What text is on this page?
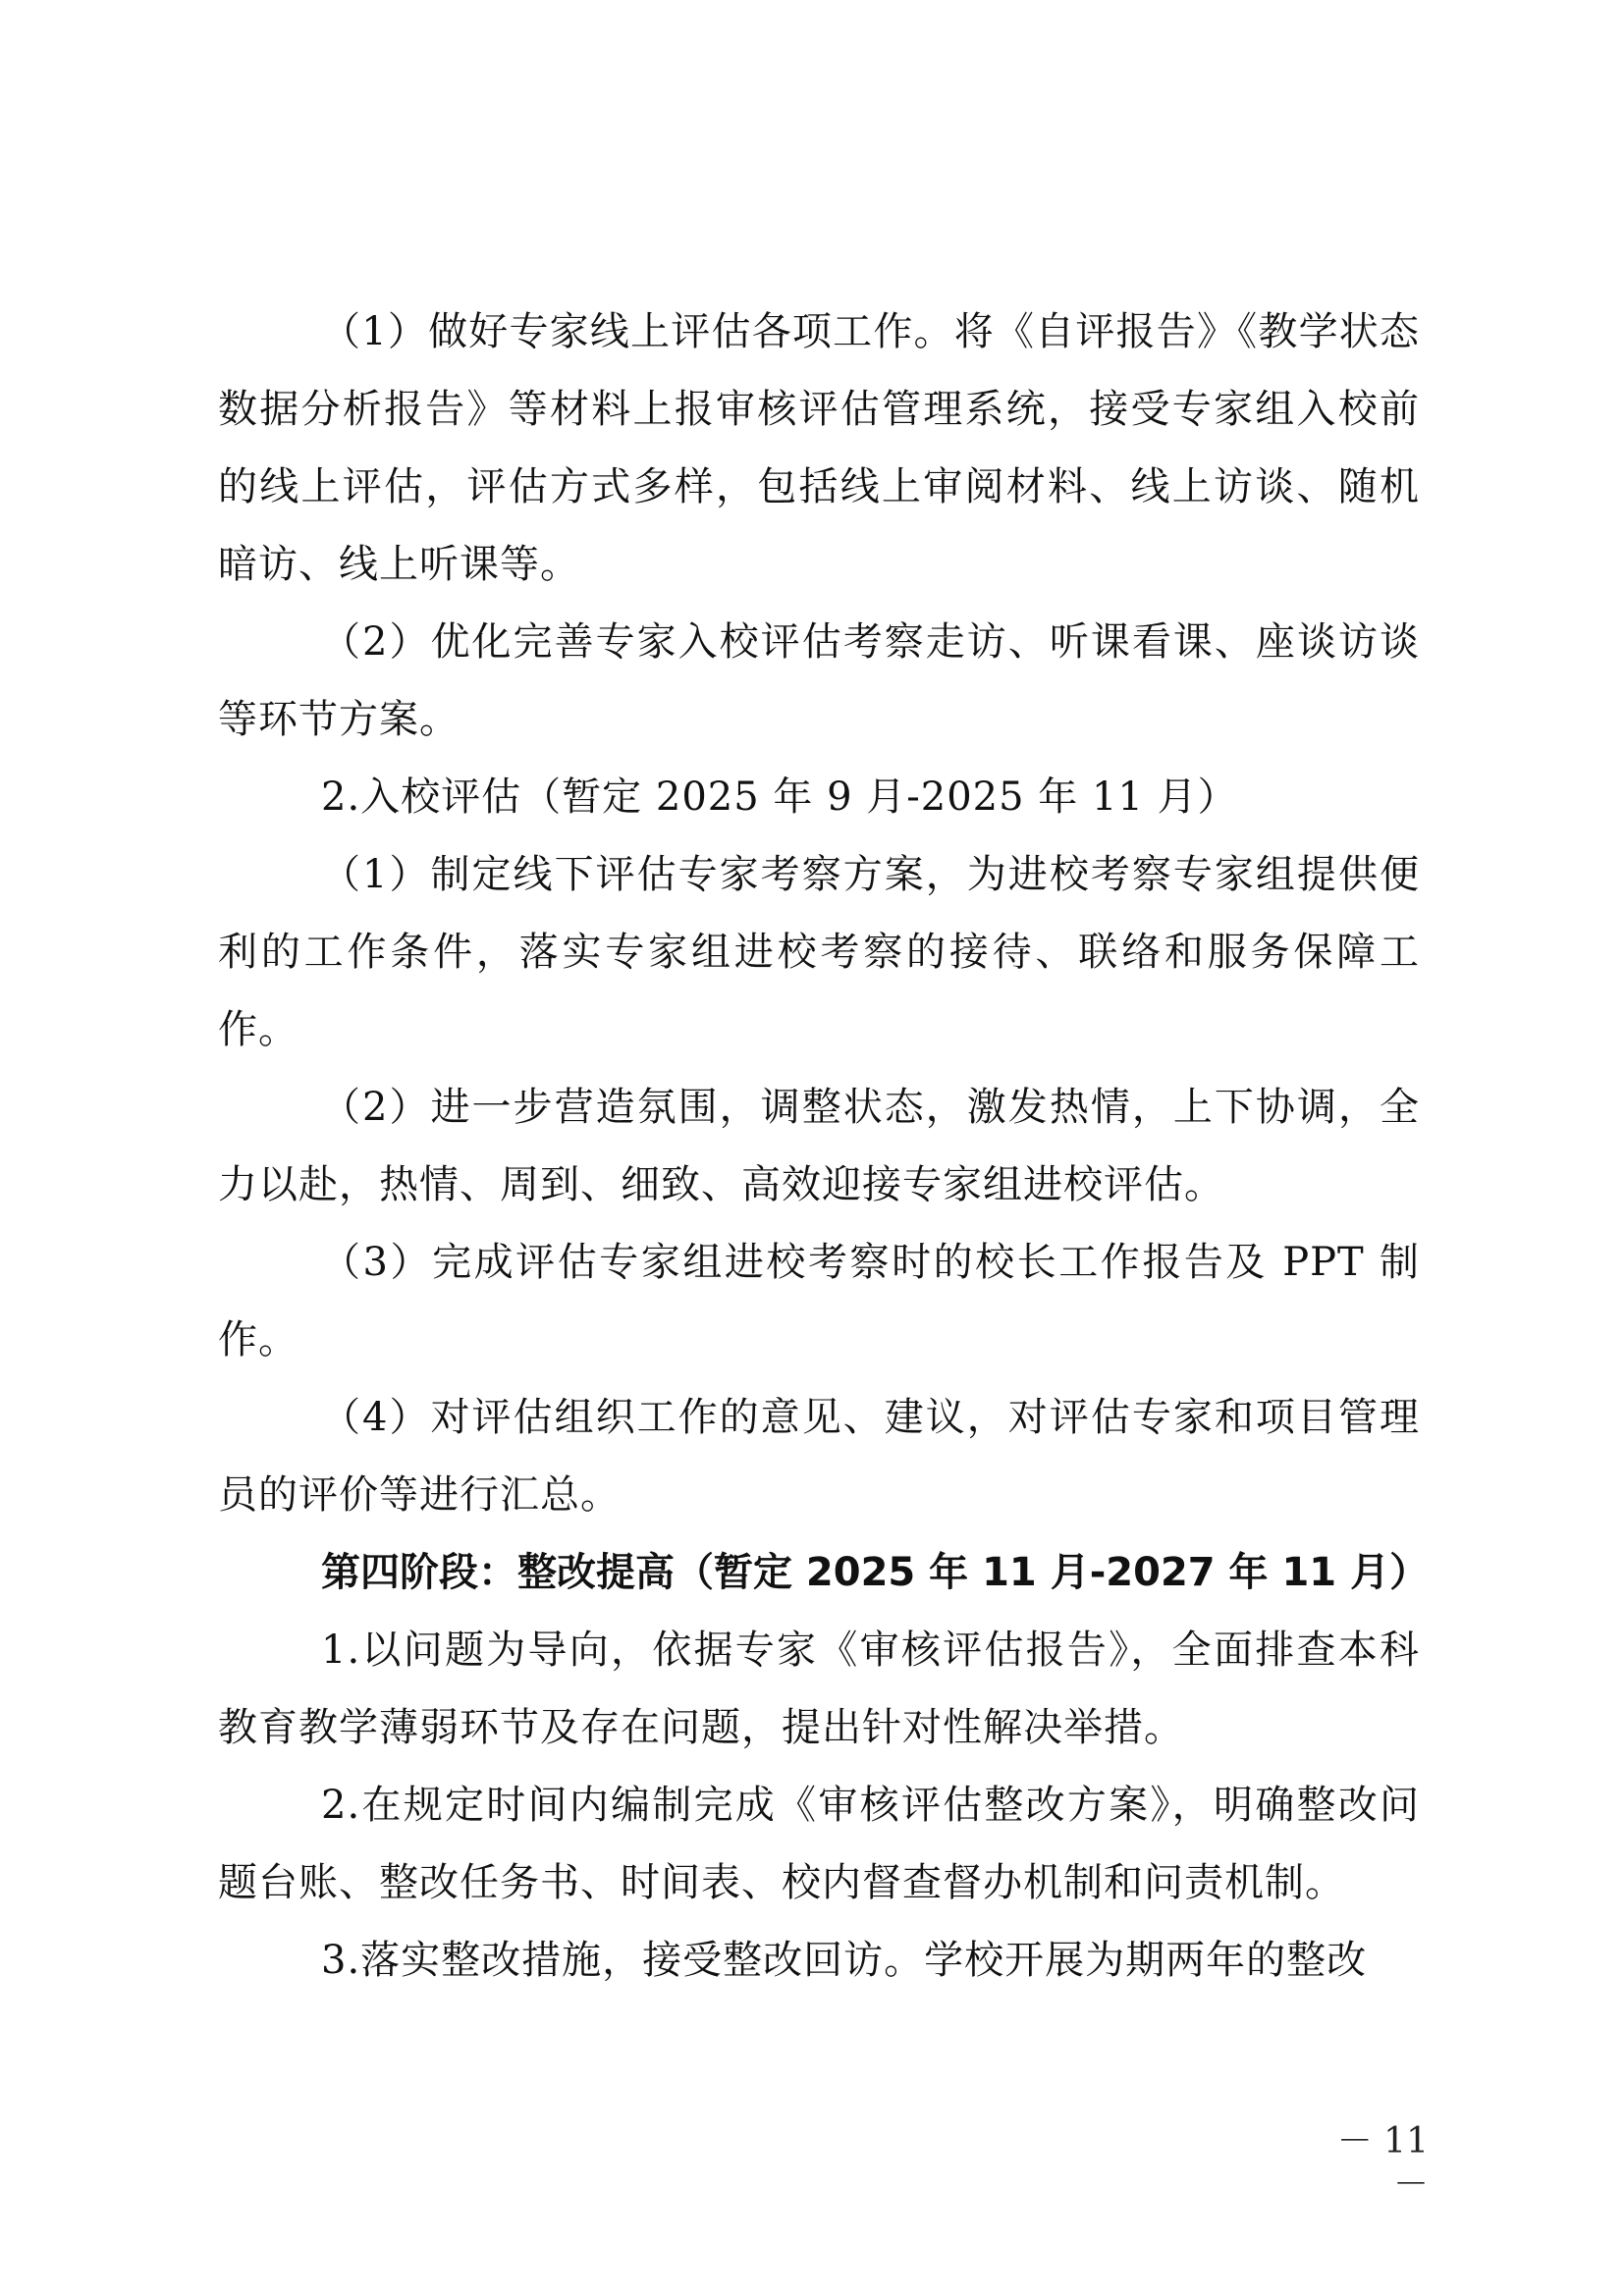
（1）做好专家线上评估各项工作。将《自评报告》《教学状态数据分析报告》等材料上报审核评估管理系统，接受专家组入校前的线上评估，评估方式多样，包括线上审阅材料、线上访谈、随机暗访、线上听课等。

（2）优化完善专家入校评估考察走访、听课看课、座谈访谈等环节方案。

2.入校评估（暂定 2025 年 9 月-2025 年 11 月）

（1）制定线下评估专家考察方案，为进校考察专家组提供便利的工作条件，落实专家组进校考察的接待、联络和服务保障工作。

（2）进一步营造氛围，调整状态，激发热情，上下协调，全力以赴，热情、周到、细致、高效迎接专家组进校评估。

（3）完成评估专家组进校考察时的校长工作报告及 PPT 制作。

（4）对评估组织工作的意见、建议，对评估专家和项目管理员的评价等进行汇总。

第四阶段：整改提高（暂定 2025 年 11 月-2027 年 11 月）

1.以问题为导向，依据专家《审核评估报告》，全面排查本科教育教学薄弱环节及存在问题，提出针对性解决举措。

2.在规定时间内编制完成《审核评估整改方案》，明确整改问题台账、整改任务书、时间表、校内督查督办机制和问责机制。

3.落实整改措施，接受整改回访。学校开展为期两年的整改

－ 11 －
